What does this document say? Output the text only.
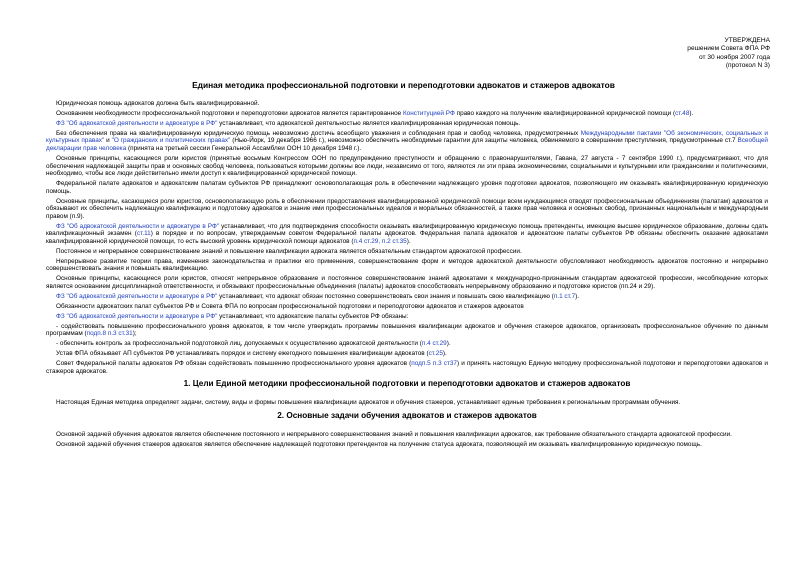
УТВЕРЖДЕНА
решением Совета ФПА РФ
от 30 ноября 2007 года
(протокол N 3)
Единая методика профессиональной подготовки и переподготовки адвокатов и стажеров адвокатов

Юридическая помощь адвокатов должна быть квалифицированной.

Основанием необходимости профессиональной подготовки и переподготовки адвокатов является гарантированное Конституцией РФ право каждого на получение квалифицированной юридической помощи (ст.48).

ФЗ "Об адвокатской деятельности и адвокатуре в РФ" устанавливает, что адвокатской деятельностью является квалифицированная юридическая помощь.

Без обеспечения права на квалифицированную юридическую помощь невозможно достичь всеобщего уважения и соблюдения прав и свобод человека, предусмотренных Международными пактами "Об экономических, социальных и культурных правах" и "О гражданских и политических правах" (Нью-Йорк, 19 декабря 1966 г.), невозможно обеспечить необходимые гарантии для защиты человека, обвиняемого в совершении преступления, предусмотренные ст.7 Всеобщей декларации прав человека (принята на третьей сессии Генеральной Ассамблеи ООН 10 декабря 1948 г.).

Основные принципы, касающиеся роли юристов (принятые восьмым Конгрессом ООН по предупреждению преступности и обращению с правонарушителями, Гавана, 27 августа - 7 сентября 1990 г.), предусматривают, что для обеспечения надлежащей защиты прав и основных свобод человека, пользоваться которыми должны все люди, независимо от того, являются ли эти права экономическими, социальными и культурными или гражданскими и политическими, необходимо, чтобы все люди действительно имели доступ к квалифицированной юридической помощи.

Федеральной палате адвокатов и адвокатским палатам субъектов РФ принадлежит основополагающая роль в обеспечении надлежащего уровня подготовки адвокатов, позволяющего им оказывать квалифицированную юридическую помощь.

Основные принципы, касающиеся роли юристов, основополагающую роль в обеспечении предоставления квалифицированной юридической помощи всем нуждающимся отводят профессиональным объединениям (палатам) адвокатов и обязывают их обеспечить надлежащую квалификацию и подготовку адвокатов и знание ими профессиональных идеалов и моральных обязанностей, а также прав человека и основных свобод, признанных национальным и международным правом (п.9).

ФЗ "Об адвокатской деятельности и адвокатуре в РФ" устанавливает, что для подтверждения способности оказывать квалифицированную юридическую помощь претенденты, имеющие высшее юридическое образование, должны сдать квалификационный экзамен (ст.11) в порядке и по вопросам, утверждаемым советом Федеральной палаты адвокатов. Федеральная палата адвокатов и адвокатские палаты субъектов РФ обязаны обеспечить оказание адвокатами квалифицированной юридической помощи, то есть высокий уровень юридической помощи адвокатов (п.4 ст.29, п.2 ст.35).

Постоянное и непрерывное совершенствование знаний и повышение квалификации адвоката является обязательным стандартом адвокатской профессии.

Непрерывное развитие теории права, изменения законодательства и практики его применения, совершенствование форм и методов адвокатской деятельности обусловливают необходимость адвокатов постоянно и непрерывно совершенствовать знания и повышать квалификацию.

Основные принципы, касающиеся роли юристов, относят непрерывное образование и постоянное совершенствование знаний адвокатами к международно-признанным стандартам адвокатской профессии, несоблюдение которых является основанием дисциплинарной ответственности, и обязывают профессиональные объединения (палаты) адвокатов способствовать непрерывному образованию и подготовке юристов (пп.24 и 29).

ФЗ "Об адвокатской деятельности и адвокатуре в РФ" устанавливает, что адвокат обязан постоянно совершенствовать свои знания и повышать свою квалификацию (п.1 ст.7).

Обязанности адвокатских палат субъектов РФ и Совета ФПА по вопросам профессиональной подготовки и переподготовки адвокатов и стажеров адвокатов

ФЗ "Об адвокатской деятельности и адвокатуре в РФ" устанавливает, что адвокатские палаты субъектов РФ обязаны:

- содействовать повышению профессионального уровня адвокатов, в том числе утверждать программы повышения квалификации адвокатов и обучения стажеров адвокатов, организовать профессиональное обучение по данным программам (подп.8 п.3 ст.31);

- обеспечить контроль за профессиональной подготовкой лиц, допускаемых к осуществлению адвокатской деятельности (п.4 ст.29).

Устав ФПА обязывает АП субъектов РФ устанавливать порядок и систему ежегодного повышения квалификации адвокатов (ст.25).

Совет Федеральной палаты адвокатов РФ обязан содействовать повышению профессионального уровня адвокатов (подп.5 п.3 ст37) и принять настоящую Единую методику профессиональной подготовки и переподготовки адвокатов и стажеров адвокатов.

1. Цели Единой методики профессиональной подготовки и переподготовки адвокатов и стажеров адвокатов

Настоящая Единая методика определяет задачи, систему, виды и формы повышения квалификации адвокатов и обучения стажеров, устанавливает единые требования к региональным программам обучения.

2. Основные задачи обучения адвокатов и стажеров адвокатов

Основной задачей обучения адвокатов является обеспечение постоянного и непрерывного совершенствования знаний и повышения квалификации адвокатов, как требование обязательного стандарта адвокатской профессии.

Основной задачей обучения стажеров адвокатов является обеспечение надлежащей подготовки претендентов на получение статуса адвоката, позволяющей им оказывать квалифицированную юридическую помощь.
